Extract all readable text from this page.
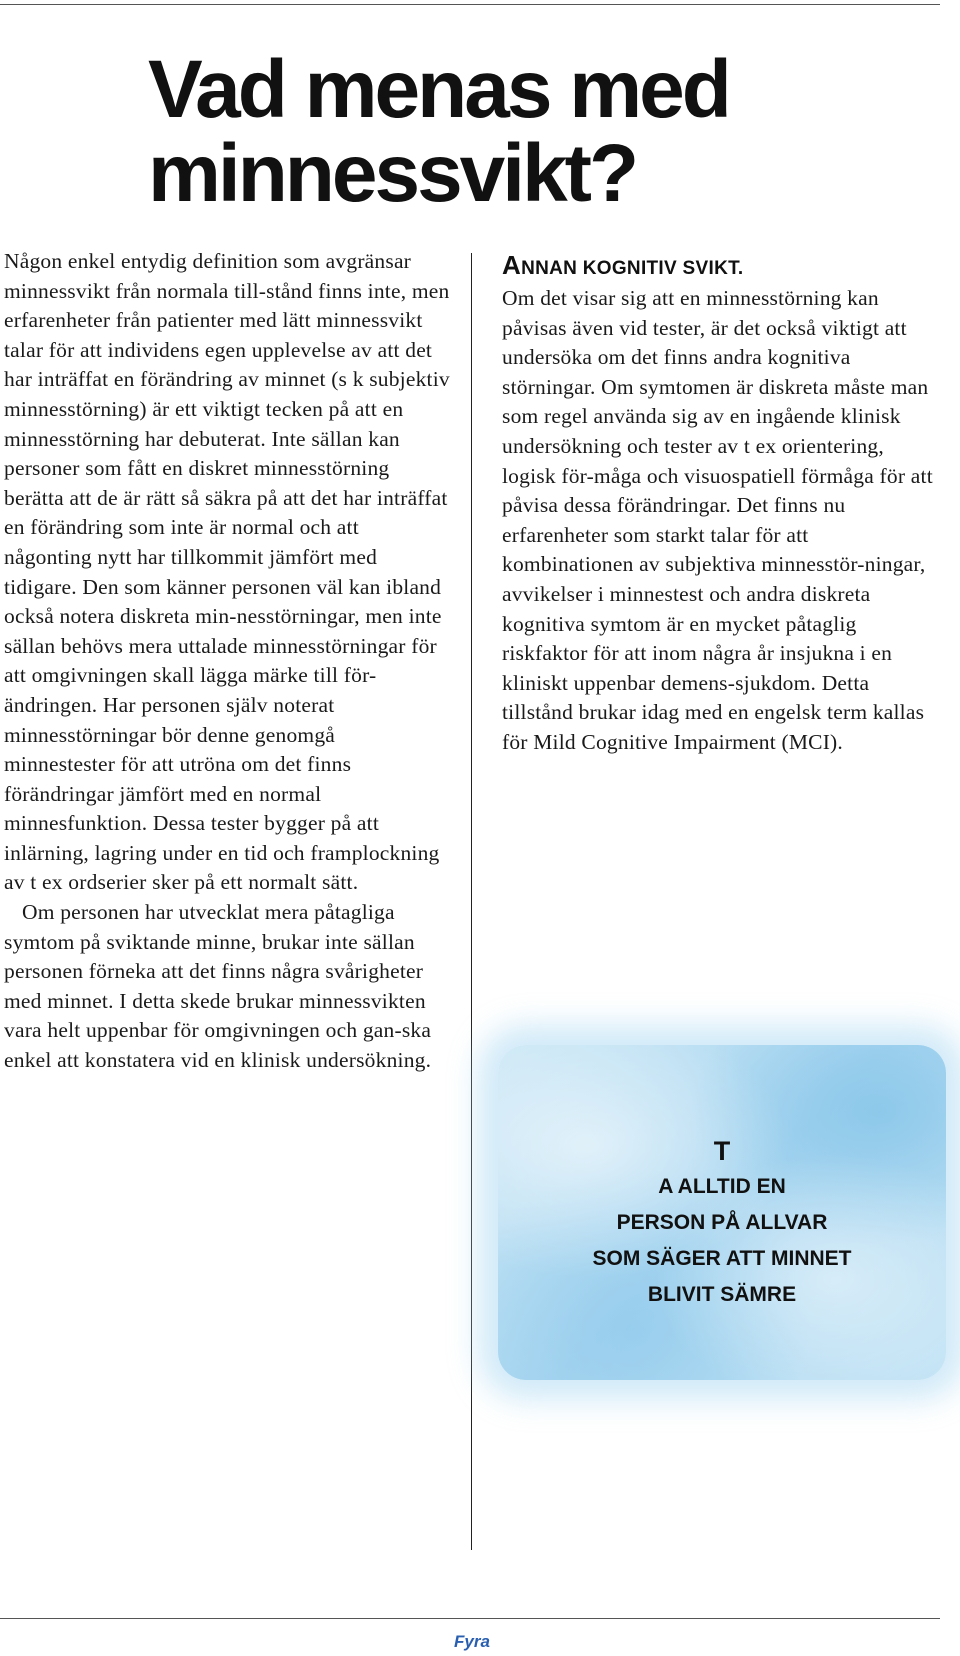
Vad menas med
minnessvikt?

Någon enkel entydig definition som avgränsar minnessvikt från normala till-stånd finns inte, men erfarenheter från patienter med lätt minnessvikt talar för att individens egen upplevelse av att det har inträffat en förändring av minnet (s k subjektiv minnesstörning) är ett viktigt tecken på att en minnesstörning har debuterat. Inte sällan kan personer som fått en diskret minnesstörning berätta att de är rätt så säkra på att det har inträffat en förändring som inte är normal och att någonting nytt har tillkommit jämfört med tidigare. Den som känner personen väl kan ibland också notera diskreta min-nesstörningar, men inte sällan behövs mera uttalade minnesstörningar för att omgivningen skall lägga märke till för-ändringen. Har personen själv noterat minnesstörningar bör denne genomgå minnestester för att utröna om det finns förändringar jämfört med en normal minnesfunktion. Dessa tester bygger på att inlärning, lagring under en tid och framplockning av t ex ordserier sker på ett normalt sätt.

Om personen har utvecklat mera påtagliga symtom på sviktande minne, brukar inte sällan personen förneka att det finns några svårigheter med minnet. I detta skede brukar minnessvikten vara helt uppenbar för omgivningen och gan-ska enkel att konstatera vid en klinisk undersökning.

ANNAN KOGNITIV SVIKT.

Om det visar sig att en minnesstörning kan påvisas även vid tester, är det också viktigt att undersöka om det finns andra kognitiva störningar. Om symtomen är diskreta måste man som regel använda sig av en ingående klinisk undersökning och tester av t ex orientering, logisk för-måga och visuospatiell förmåga för att påvisa dessa förändringar. Det finns nu erfarenheter som starkt talar för att kombinationen av subjektiva minnesstör-ningar, avvikelser i minnestest och andra diskreta kognitiva symtom är en mycket påtaglig riskfaktor för att inom några år insjukna i en kliniskt uppenbar demens-sjukdom. Detta tillstånd brukar idag med en engelsk term kallas för Mild Cognitive Impairment (MCI).

T
A ALLTID EN
PERSON PÅ ALLVAR
SOM SÄGER ATT MINNET
BLIVIT SÄMRE

Fyra
